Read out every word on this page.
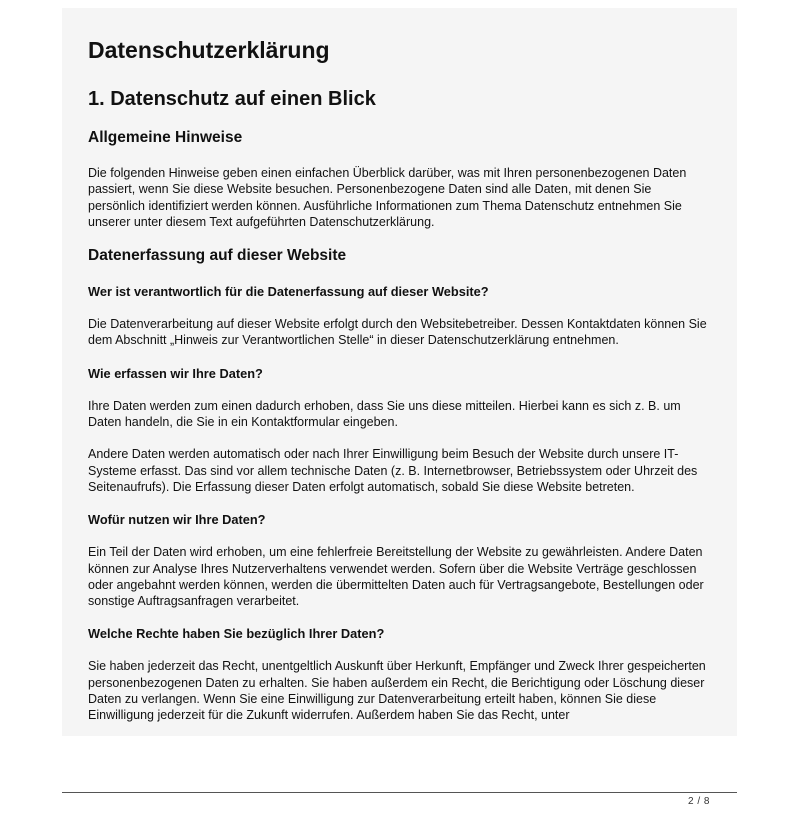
Datenschutzerklärung
1. Datenschutz auf einen Blick
Allgemeine Hinweise

Die folgenden Hinweise geben einen einfachen Überblick darüber, was mit Ihren personenbezogenen Daten passiert, wenn Sie diese Website besuchen. Personenbezogene Daten sind alle Daten, mit denen Sie persönlich identifiziert werden können. Ausführliche Informationen zum Thema Datenschutz entnehmen Sie unserer unter diesem Text aufgeführten Datenschutzerklärung.

Datenerfassung auf dieser Website
Wer ist verantwortlich für die Datenerfassung auf dieser Website?

Die Datenverarbeitung auf dieser Website erfolgt durch den Websitebetreiber. Dessen Kontaktdaten können Sie dem Abschnitt „Hinweis zur Verantwortlichen Stelle“ in dieser Datenschutzerklärung entnehmen.

Wie erfassen wir Ihre Daten?

Ihre Daten werden zum einen dadurch erhoben, dass Sie uns diese mitteilen. Hierbei kann es sich z. B. um Daten handeln, die Sie in ein Kontaktformular eingeben.

Andere Daten werden automatisch oder nach Ihrer Einwilligung beim Besuch der Website durch unsere IT-Systeme erfasst. Das sind vor allem technische Daten (z. B. Internetbrowser, Betriebssystem oder Uhrzeit des Seitenaufrufs). Die Erfassung dieser Daten erfolgt automatisch, sobald Sie diese Website betreten.

Wofür nutzen wir Ihre Daten?

Ein Teil der Daten wird erhoben, um eine fehlerfreie Bereitstellung der Website zu gewährleisten. Andere Daten können zur Analyse Ihres Nutzerverhaltens verwendet werden. Sofern über die Website Verträge geschlossen oder angebahnt werden können, werden die übermittelten Daten auch für Vertragsangebote, Bestellungen oder sonstige Auftragsanfragen verarbeitet.

Welche Rechte haben Sie bezüglich Ihrer Daten?

Sie haben jederzeit das Recht, unentgeltlich Auskunft über Herkunft, Empfänger und Zweck Ihrer gespeicherten personenbezogenen Daten zu erhalten. Sie haben außerdem ein Recht, die Berichtigung oder Löschung dieser Daten zu verlangen. Wenn Sie eine Einwilligung zur Datenverarbeitung erteilt haben, können Sie diese Einwilligung jederzeit für die Zukunft widerrufen. Außerdem haben Sie das Recht, unter

2 / 8
